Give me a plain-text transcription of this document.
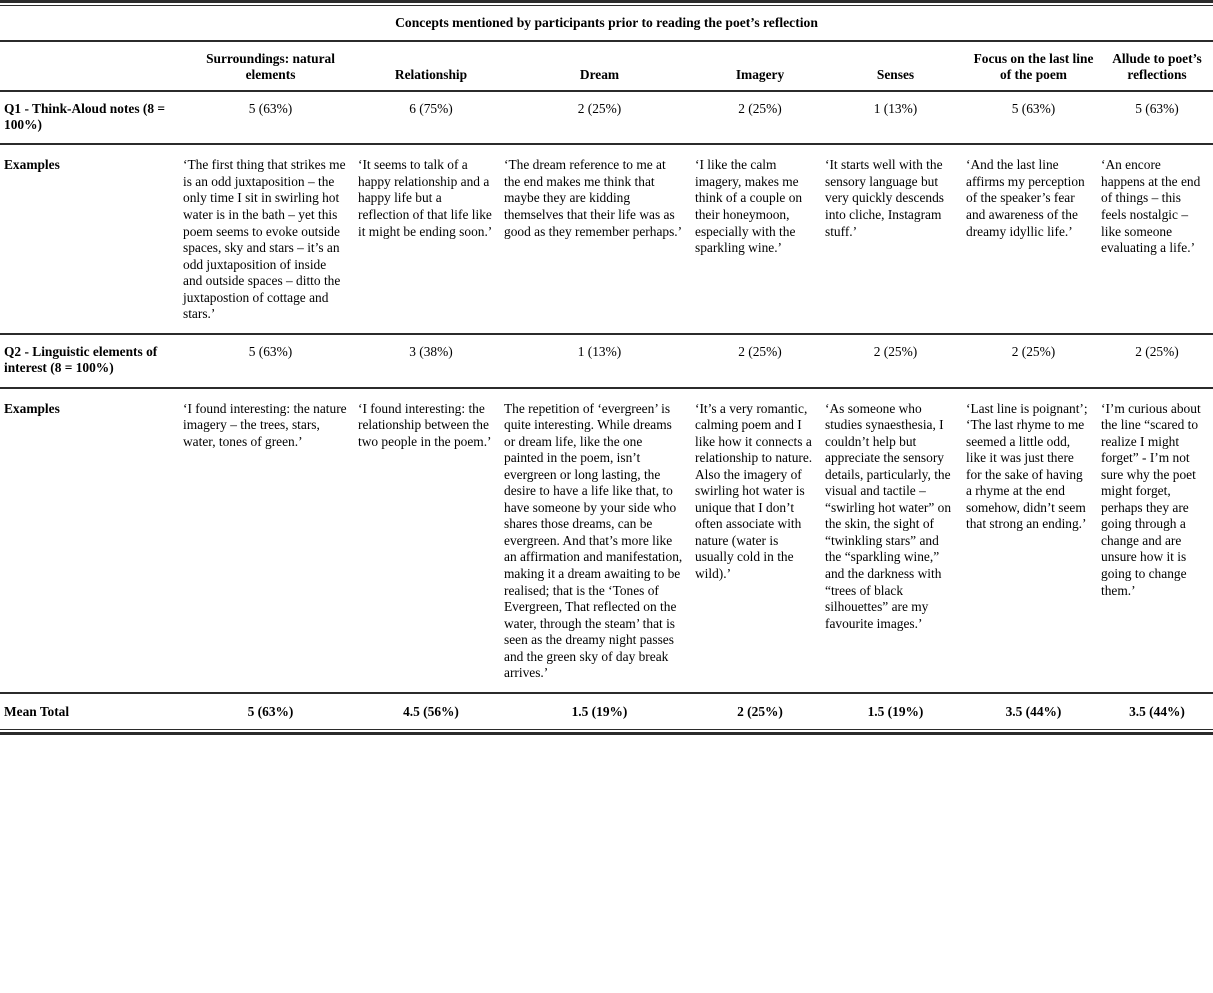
Concepts mentioned by participants prior to reading the poet’s reflection
	Surroundings: natural elements	Relationship	Dream	Imagery	Senses	Focus on the last line of the poem	Allude to poet’s reflections

Q1 - Think-Aloud notes (8 = 100%)	5 (63%)	6 (75%)	2 (25%)	2 (25%)	1 (13%)	5 (63%)	5 (63%)

Examples	‘The first thing that strikes me is an odd juxtaposition – the only time I sit in swirling hot water is in the bath – yet this poem seems to evoke outside spaces, sky and stars – it’s an odd juxtaposition of inside and outside spaces – ditto the juxtapostion of cottage and stars.’	‘It seems to talk of a happy relationship and a happy life but a reflection of that life like it might be ending soon.’	‘The dream reference to me at the end makes me think that maybe they are kidding themselves that their life was as good as they remember perhaps.’	‘I like the calm imagery, makes me think of a couple on their honeymoon, especially with the sparkling wine.’	‘It starts well with the sensory language but very quickly descends into cliche, Instagram stuff.’	‘And the last line affirms my perception of the speaker’s fear and awareness of the dreamy idyllic life.’	‘An encore happens at the end of things – this feels nostalgic – like someone evaluating a life.’

Q2 - Linguistic elements of interest (8 = 100%)	5 (63%)	3 (38%)	1 (13%)	2 (25%)	2 (25%)	2 (25%)	2 (25%)

Examples	‘I found interesting: the nature imagery – the trees, stars, water, tones of green.’	‘I found interesting: the relationship between the two people in the poem.’	The repetition of ‘evergreen’ is quite interesting. While dreams or dream life, like the one painted in the poem, isn’t evergreen or long lasting, the desire to have a life like that, to have someone by your side who shares those dreams, can be evergreen. And that’s more like an affirmation and manifestation, making it a dream awaiting to be realised; that is the ‘Tones of Evergreen, That reflected on the water, through the steam’ that is seen as the dreamy night passes and the green sky of day break arrives.’	‘It’s a very romantic, calming poem and I like how it connects a relationship to nature. Also the imagery of swirling hot water is unique that I don’t often associate with nature (water is usually cold in the wild).’	‘As someone who studies synaesthesia, I couldn’t help but appreciate the sensory details, particularly, the visual and tactile – “swirling hot water” on the skin, the sight of “twinkling stars” and the “sparkling wine,” and the darkness with “trees of black silhouettes” are my favourite images.’	‘Last line is poignant’; ‘The last rhyme to me seemed a little odd, like it was just there for the sake of having a rhyme at the end somehow, didn’t seem that strong an ending.’	‘I’m curious about the line “scared to realize I might forget” - I’m not sure why the poet might forget, perhaps they are going through a change and are unsure how it is going to change them.’

Mean Total	5 (63%)	4.5 (56%)	1.5 (19%)	2 (25%)	1.5 (19%)	3.5 (44%)	3.5 (44%)
